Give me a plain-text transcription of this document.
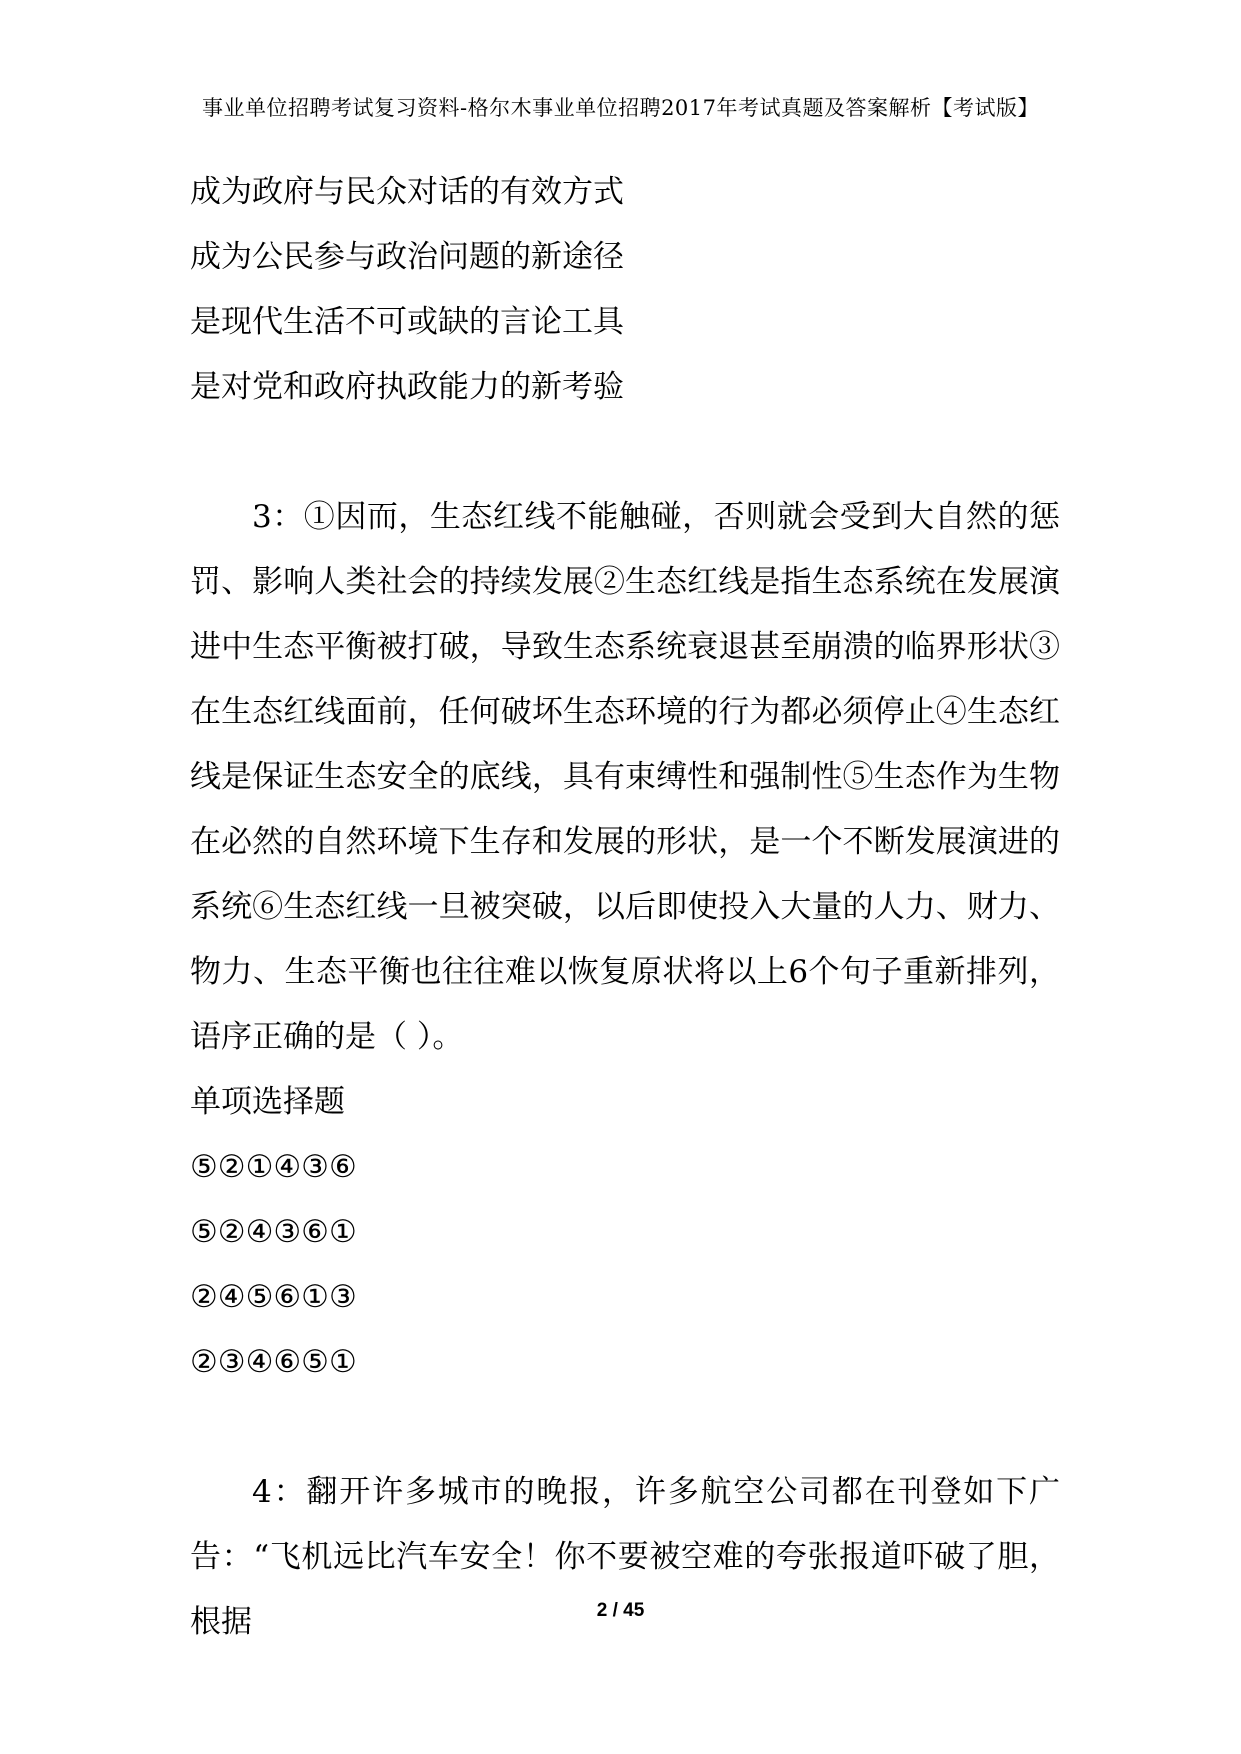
事业单位招聘考试复习资料-格尔木事业单位招聘2017年考试真题及答案解析【考试版】
成为政府与民众对话的有效方式
成为公民参与政治问题的新途径
是现代生活不可或缺的言论工具
是对党和政府执政能力的新考验

3：①因而，生态红线不能触碰，否则就会受到大自然的惩罚、影响人类社会的持续发展②生态红线是指生态系统在发展演进中生态平衡被打破，导致生态系统衰退甚至崩溃的临界形状③在生态红线面前，任何破坏生态环境的行为都必须停止④生态红线是保证生态安全的底线，具有束缚性和强制性⑤生态作为生物在必然的自然环境下生存和发展的形状，是一个不断发展演进的系统⑥生态红线一旦被突破，以后即使投入大量的人力、财力、物力、生态平衡也往往难以恢复原状将以上6个句子重新排列，语序正确的是（ ）。

单项选择题
⑤②①④③⑥
⑤②④③⑥①
②④⑤⑥①③
②③④⑥⑤①

4：翻开许多城市的晚报，许多航空公司都在刊登如下广告：“飞机远比汽车安全！你不要被空难的夸张报道吓破了胆，根据	2 / 45
